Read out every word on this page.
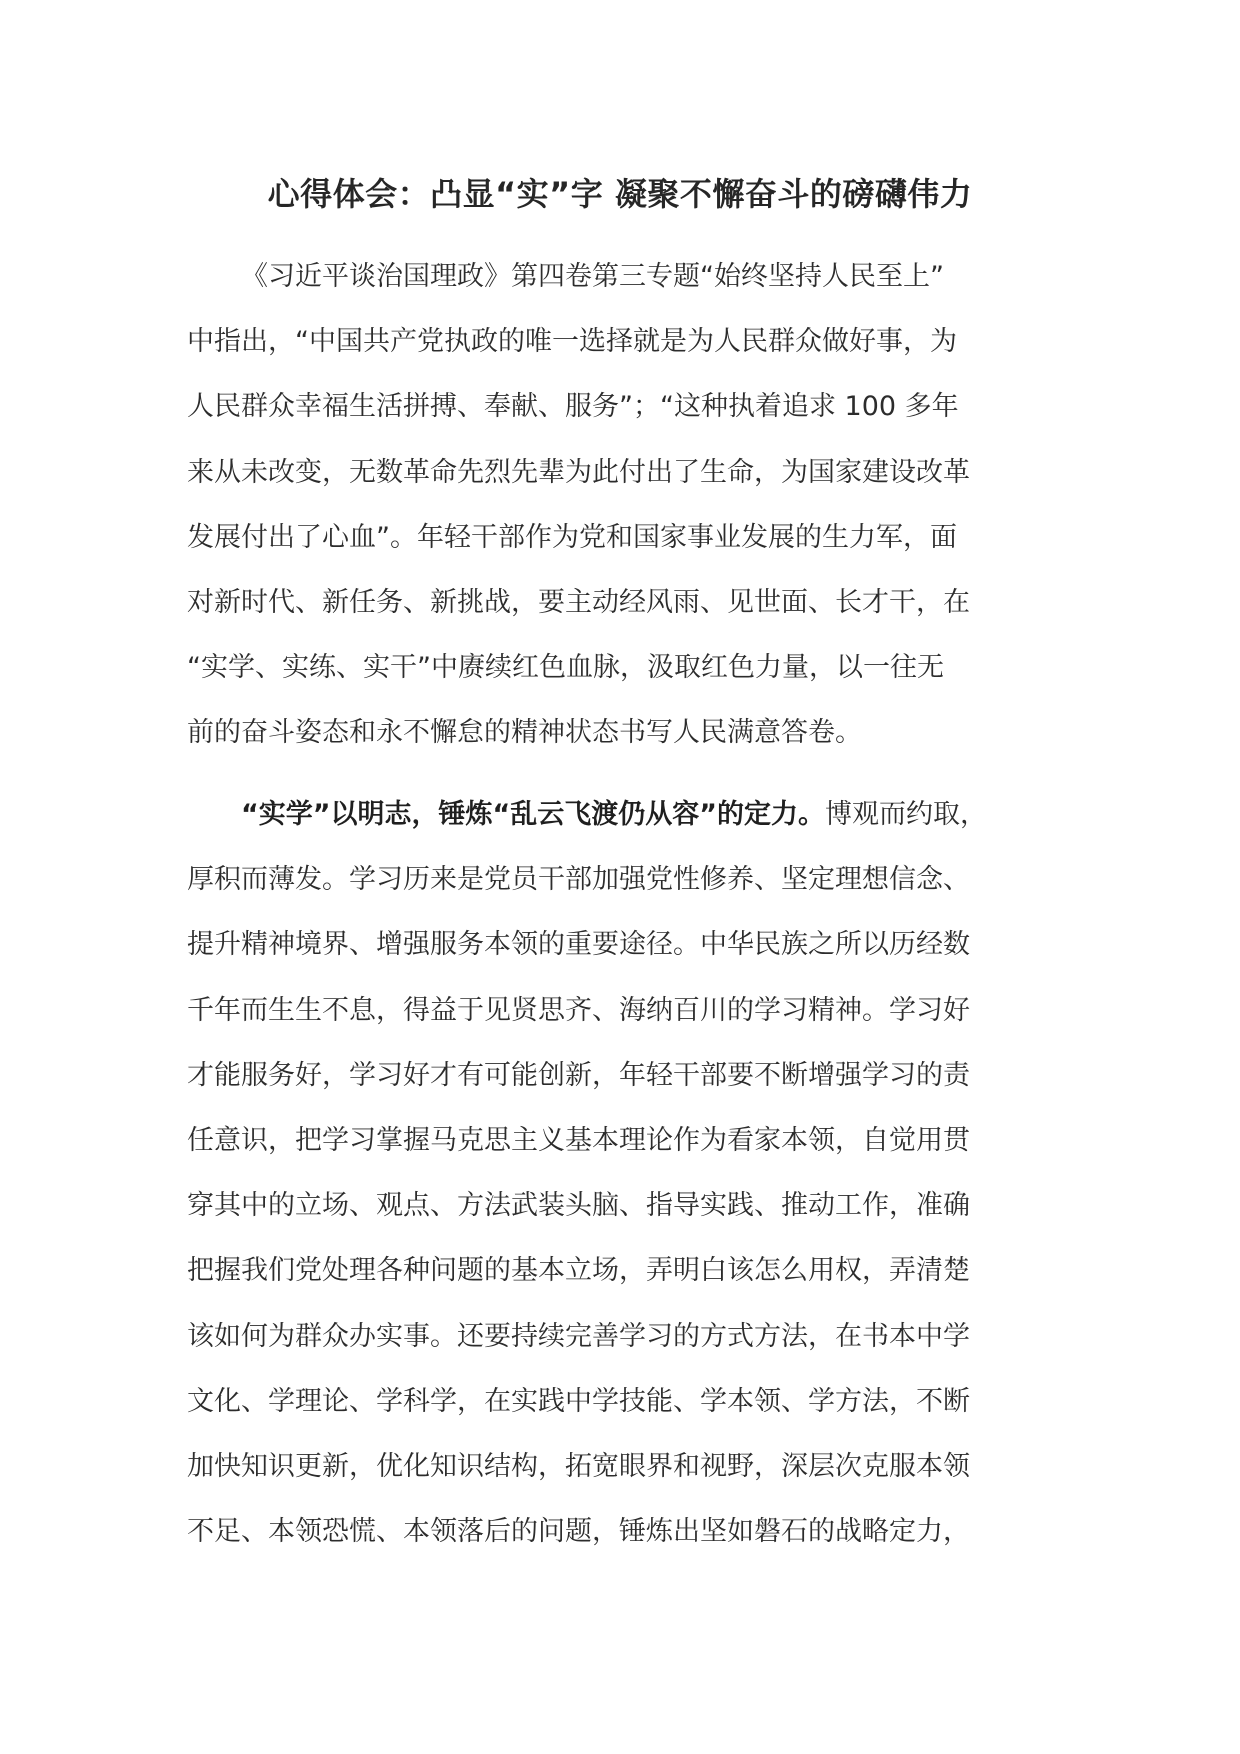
心得体会：凸显“实”字 凝聚不懈奋斗的磅礴伟力
《习近平谈治国理政》第四卷第三专题“始终坚持人民至上”
中指出，“中国共产党执政的唯一选择就是为人民群众做好事，为
人民群众幸福生活拼搏、奉献、服务”；“这种执着追求 100 多年
来从未改变，无数革命先烈先辈为此付出了生命，为国家建设改革
发展付出了心血”。年轻干部作为党和国家事业发展的生力军，面
对新时代、新任务、新挑战，要主动经风雨、见世面、长才干，在
“实学、实练、实干”中赓续红色血脉，汲取红色力量，以一往无
前的奋斗姿态和永不懈怠的精神状态书写人民满意答卷。
“实学”以明志，锤炼“乱云飞渡仍从容”的定力。博观而约取，
厚积而薄发。学习历来是党员干部加强党性修养、坚定理想信念、
提升精神境界、增强服务本领的重要途径。中华民族之所以历经数
千年而生生不息，得益于见贤思齐、海纳百川的学习精神。学习好
才能服务好，学习好才有可能创新，年轻干部要不断增强学习的责
任意识，把学习掌握马克思主义基本理论作为看家本领，自觉用贯
穿其中的立场、观点、方法武装头脑、指导实践、推动工作，准确
把握我们党处理各种问题的基本立场，弄明白该怎么用权，弄清楚
该如何为群众办实事。还要持续完善学习的方式方法，在书本中学
文化、学理论、学科学，在实践中学技能、学本领、学方法，不断
加快知识更新，优化知识结构，拓宽眼界和视野，深层次克服本领
不足、本领恐慌、本领落后的问题，锤炼出坚如磐石的战略定力，
